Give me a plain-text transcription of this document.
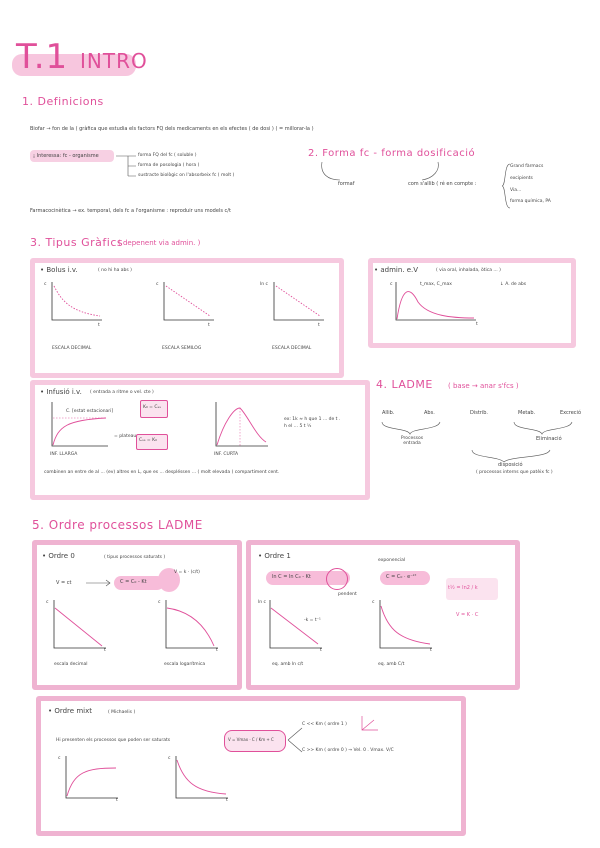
T.1 INTRO
1. Definicions
Biofar → fon de la ( gràfica que estudia els factors FQ dels medicaments en els efectes ( de dosi ) ( = millorar-la )
¡ Interessa: fc - organisme	forma FQ del fc ( soluble )
forma de posologia ( hora )
sustracte biològic on l'absorbeix fc ( molt )
Farmacocinètica → ex. temporal, dels fc a l'organisme : reproduir uns models c/t
2. Forma fc - forma dosificació
formaf	com s'allib ( ré en compte :
Grand fàrmacs
excipients
Via...
forma química, PA
3. Tipus Gràfics
( depenent via admin. )
• Bolus i.v.	( no hi ha abs )
c
t
ESCALA DECIMAL
c
t
ESCALA SEMILOG
ln c
t
ESCALA DECIMAL
• admin. e.V	( via oral, inhalada, òtica ... )
c
t
t_max, C_max	↓ A. de abs
• Infusió i.v. ( entrada a ritme o vel. cte )
C. [estat estacionari]
INF. LLARGA
K₀ = Cₛₛ
Cₛₛ = K₀
= plateau
INF. CURTA
ex: 1k ≈ h que 1 ... de t . h el ... 5 t ½
combinen an entre de al ... (ev) altres en L, que es ... despléssen ... ( molt elevada ) compartiment cent.
4. LADME ( base → anar s'fcs )
Allib.	Abs.	Distrib.	Metab.	Excreció
Processos entrada
Eliminació
disposició
( processos interns que patèix fc )
5. Ordre processos LADME
• Ordre 0	( tipus processos saturats )
V = ct	C = C₀ - Kt
V = k · (c/t)
c
t
escala decimal
c
t
escala logarítmica
• Ordre 1
ln C = ln C₀ - Kt
pendent
C = C₀ · e⁻ᵏᵗ
exponencial
t½ = ln2 / k
V = K · C
ln c
t
-k = t⁻¹
eq. amb ln c/t
c
t
eq. amb C/t
• Ordre mixt	( Michaelis )
Hi presenten els processos que poden ser saturats	V = Vmax · C / Km + C
C << Km ( ordre 1 )
C >> Km ( ordre 0 ) → Vel. 0 . Vmax. V/C
c
t
c
t
